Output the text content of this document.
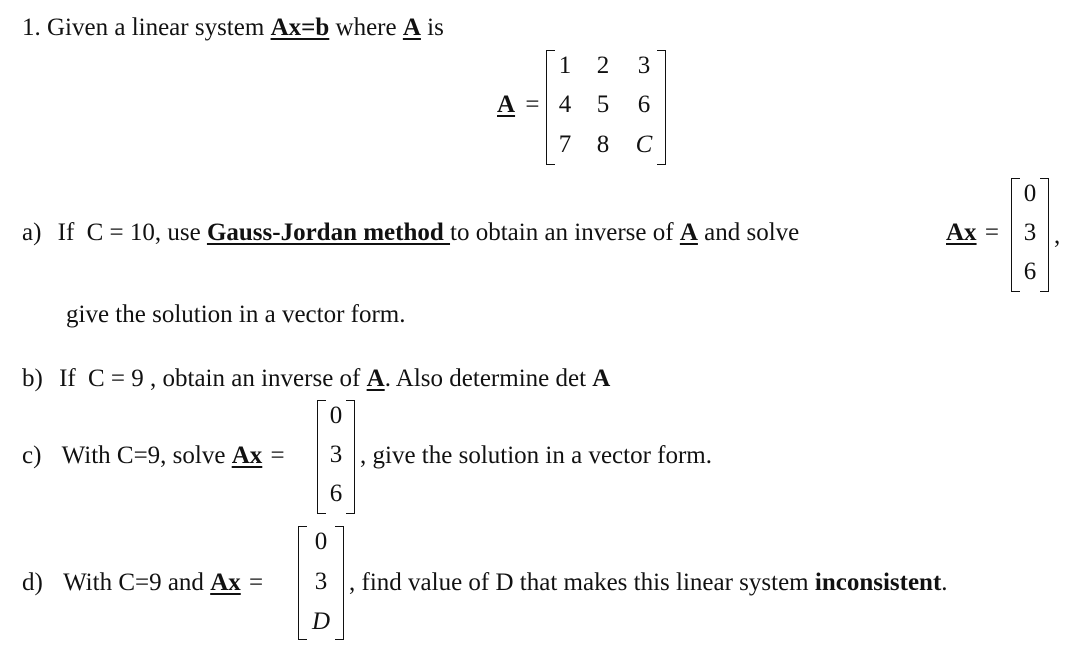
1. Given a linear system Ax=b where A is
A =
1	2	3
4	5	6
7	8	C
a) If C = 10, use Gauss-Jordan method to obtain an inverse of A and solve	Ax =
0
3
6
,
give the solution in a vector form.
b) If C = 9 , obtain an inverse of A. Also determine det A
c) With C=9, solve Ax =
0
3
6
, give the solution in a vector form.
d) With C=9 and Ax =
0
3
D
, find value of D that makes this linear system inconsistent.
